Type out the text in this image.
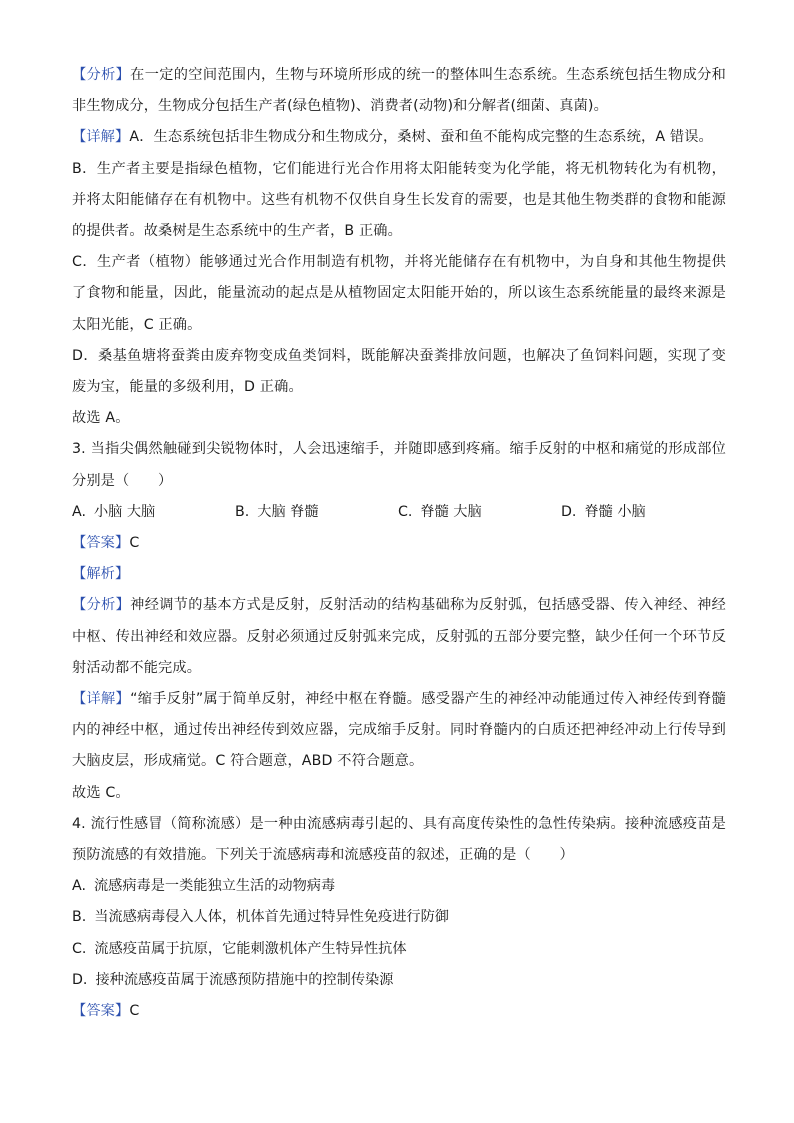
【分析】在一定的空间范围内，生物与环境所形成的统一的整体叫生态系统。生态系统包括生物成分和非生物成分，生物成分包括生产者(绿色植物)、消费者(动物)和分解者(细菌、真菌)。

【详解】A．生态系统包括非生物成分和生物成分，桑树、蚕和鱼不能构成完整的生态系统，A 错误。

B．生产者主要是指绿色植物，它们能进行光合作用将太阳能转变为化学能，将无机物转化为有机物，并将太阳能储存在有机物中。这些有机物不仅供自身生长发育的需要，也是其他生物类群的食物和能源的提供者。故桑树是生态系统中的生产者，B 正确。

C．生产者（植物）能够通过光合作用制造有机物，并将光能储存在有机物中，为自身和其他生物提供了食物和能量，因此，能量流动的起点是从植物固定太阳能开始的，所以该生态系统能量的最终来源是太阳光能，C 正确。

D．桑基鱼塘将蚕粪由废弃物变成鱼类饲料，既能解决蚕粪排放问题，也解决了鱼饲料问题，实现了变废为宝，能量的多级利用，D 正确。

故选 A。

3. 当指尖偶然触碰到尖锐物体时，人会迅速缩手，并随即感到疼痛。缩手反射的中枢和痛觉的形成部位分别是（　　）

A. 小脑 大脑	B. 大脑 脊髓	C. 脊髓 大脑	D. 脊髓 小脑

【答案】C

【解析】

【分析】神经调节的基本方式是反射，反射活动的结构基础称为反射弧，包括感受器、传入神经、神经中枢、传出神经和效应器。反射必须通过反射弧来完成，反射弧的五部分要完整，缺少任何一个环节反射活动都不能完成。

【详解】“缩手反射”属于简单反射，神经中枢在脊髓。感受器产生的神经冲动能通过传入神经传到脊髓内的神经中枢，通过传出神经传到效应器，完成缩手反射。同时脊髓内的白质还把神经冲动上行传导到大脑皮层，形成痛觉。C 符合题意，ABD 不符合题意。

故选 C。

4. 流行性感冒（简称流感）是一种由流感病毒引起的、具有高度传染性的急性传染病。接种流感疫苗是预防流感的有效措施。下列关于流感病毒和流感疫苗的叙述，正确的是（　　）

A. 流感病毒是一类能独立生活的动物病毒

B. 当流感病毒侵入人体，机体首先通过特异性免疫进行防御

C. 流感疫苗属于抗原，它能刺激机体产生特异性抗体

D. 接种流感疫苗属于流感预防措施中的控制传染源

【答案】C
